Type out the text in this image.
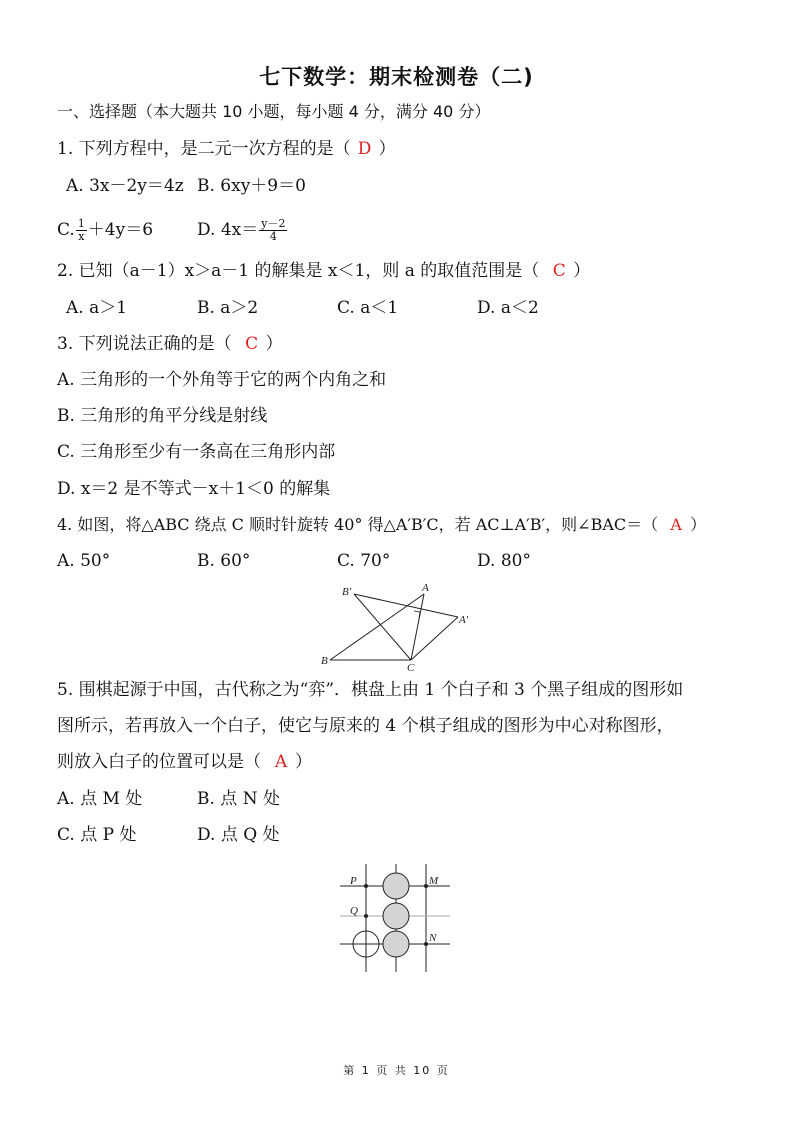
七下数学：期末检测卷（二)
一、选择题（本大题共 10 小题，每小题 4 分，满分 40 分）
1. 下列方程中，是二元一次方程的是（ D ）
A. 3x－2y＝4z B. 6xy＋9＝0
C. $\frac{1}{x} +4y=6$	D. $4x= \frac{y-2}{4}$
2. 已知（a－1）x＞a－1 的解集是 x＜1，则 a 的取值范围是（ C ）
A. a＞1	B. a＞2	C. a＜1	D. a＜2
3. 下列说法正确的是（ C ）
A. 三角形的一个外角等于它的两个内角之和
B. 三角形的角平分线是射线
C. 三角形至少有一条高在三角形内部
D. x＝2 是不等式－x＋1＜0 的解集
4. 如图，将△ABC 绕点 C 顺时针旋转 40° 得△A′B′C，若 AC⊥A′B′，则∠BAC＝（ A ）
A. 50°	B. 60°	C. 70°	D. 80°
B′	A
A′
B
C
5. 围棋起源于中国，古代称之为“弈”．棋盘上由 1 个白子和 3 个黑子组成的图形如
图所示，若再放入一个白子，使它与原来的 4 个棋子组成的图形为中心对称图形，
则放入白子的位置可以是（ A ）
A. 点 M 处	B. 点 N 处
C. 点 P 处	D. 点 Q 处
P	M
Q
N
第 1 页 共 10 页
